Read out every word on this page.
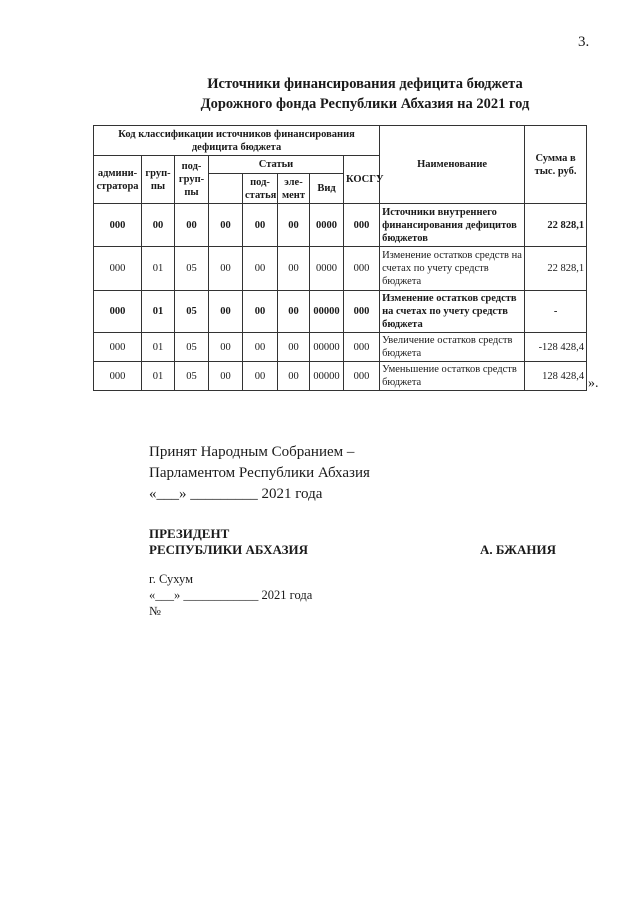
3.
Источники финансирования дефицита бюджета
Дорожного фонда Республики Абхазия на 2021 год
Код классификации источников финансирования дефицита бюджета								Наименование	Сумма в тыс. руб.
админи-стратора	груп-пы	под-груп-пы	Статьи				КОСГУ		
				под-статья	эле-мент	Вид			
000	00	00	00	00	00	0000	000	Источники внутреннего финансирования дефицитов бюджетов	22 828,1
000	01	05	00	00	00	0000	000	Изменение остатков средств на счетах по учету средств бюджета	22 828,1
000	01	05	00	00	00	00000	000	Изменение остатков средств на счетах по учету средств бюджета	-
000	01	05	00	00	00	00000	000	Увеличение остатков средств бюджета	-128 428,4
000	01	05	00	00	00	00000	000	Уменьшение остатков средств бюджета	128 428,4 ».
Принят Народным Собранием –
Парламентом Республики Абхазия
«___» _________ 2021 года
ПРЕЗИДЕНТ
РЕСПУБЛИКИ АБХАЗИЯ	А. БЖАНИЯ
г. Сухум
«___» ____________ 2021 года
№
